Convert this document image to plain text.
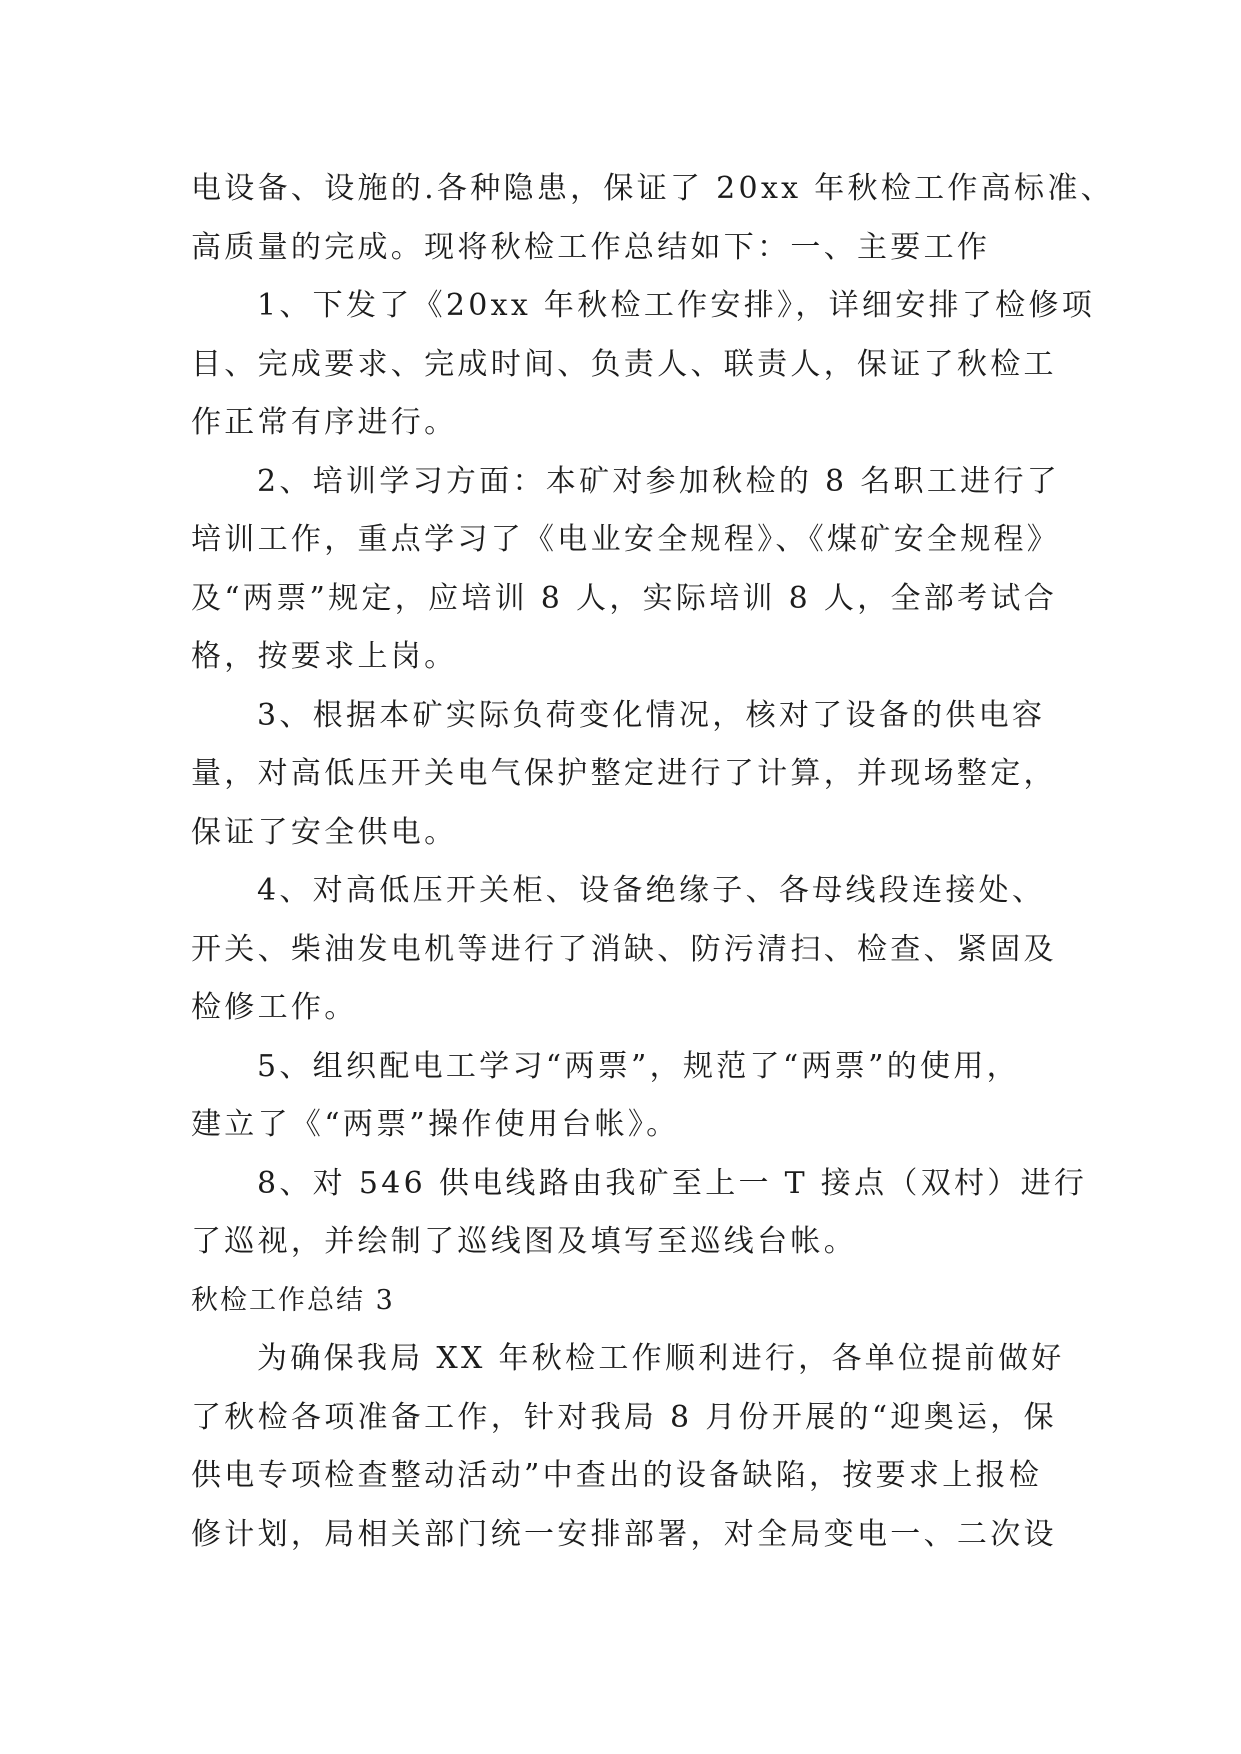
电设备、设施的.各种隐患，保证了 20xx 年秋检工作高标准、
高质量的完成。现将秋检工作总结如下：一、主要工作
1、下发了《20xx 年秋检工作安排》，详细安排了检修项
目、完成要求、完成时间、负责人、联责人，保证了秋检工
作正常有序进行。
2、培训学习方面：本矿对参加秋检的 8 名职工进行了
培训工作，重点学习了《电业安全规程》、《煤矿安全规程》
及“两票”规定，应培训 8 人，实际培训 8 人，全部考试合
格，按要求上岗。
3、根据本矿实际负荷变化情况，核对了设备的供电容
量，对高低压开关电气保护整定进行了计算，并现场整定，
保证了安全供电。
4、对高低压开关柜、设备绝缘子、各母线段连接处、
开关、柴油发电机等进行了消缺、防污清扫、检查、紧固及
检修工作。
5、组织配电工学习“两票”，规范了“两票”的使用，
建立了《“两票”操作使用台帐》。
8、对 546 供电线路由我矿至上一 T 接点（双村）进行
了巡视，并绘制了巡线图及填写至巡线台帐。
秋检工作总结 3
为确保我局 XX 年秋检工作顺利进行，各单位提前做好
了秋检各项准备工作，针对我局 8 月份开展的“迎奥运，保
供电专项检查整动活动”中查出的设备缺陷，按要求上报检
修计划，局相关部门统一安排部署，对全局变电一、二次设
